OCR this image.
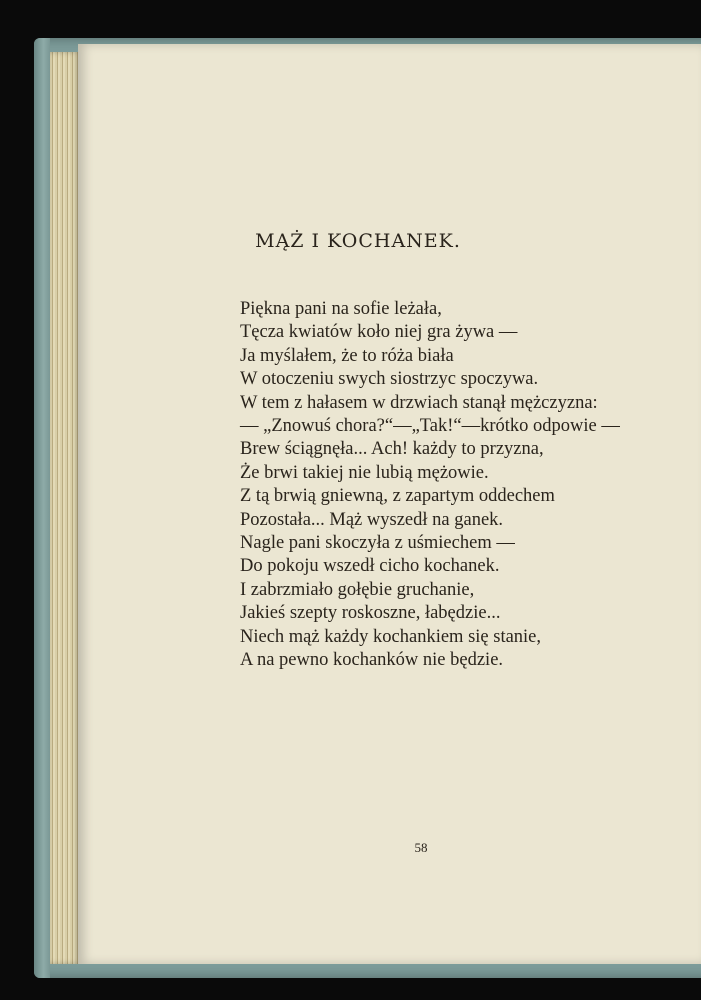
MĄŻ I KOCHANEK.
Piękna pani na sofie leżała,
Tęcza kwiatów koło niej gra żywa —
Ja myślałem, że to róża biała
W otoczeniu swych siostrzyc spoczywa.
W tem z hałasem w drzwiach stanął mężczyzna:
— „Znowuś chora?“—„Tak!“—krótko odpowie —
Brew ściągnęła... Ach! każdy to przyzna,
Że brwi takiej nie lubią mężowie.
Z tą brwią gniewną, z zapartym oddechem
Pozostała... Mąż wyszedł na ganek.
Nagle pani skoczyła z uśmiechem —
Do pokoju wszedł cicho kochanek.
I zabrzmiało gołębie gruchanie,
Jakieś szepty roskoszne, łabędzie...
Niech mąż każdy kochankiem się stanie,
A na pewno kochanków nie będzie.
58
